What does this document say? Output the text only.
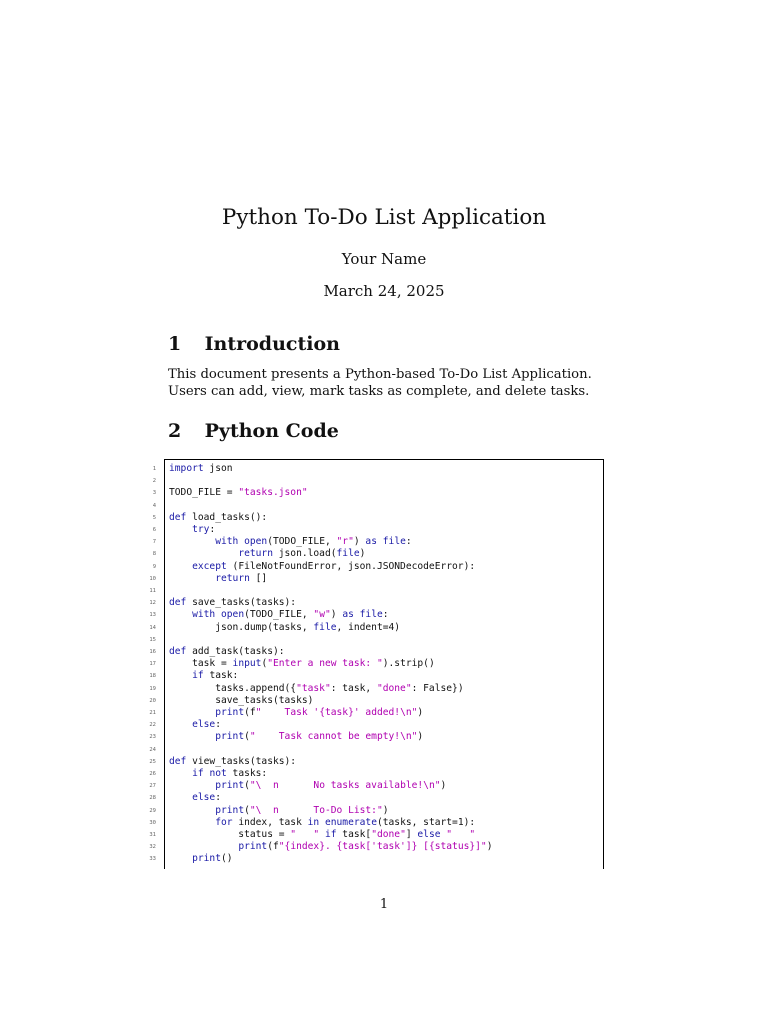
Python To-Do List Application
Your Name
March 24, 2025
1 Introduction
This document presents a Python-based To-Do List Application. Users can add, view, mark tasks as complete, and delete tasks.
2 Python Code
1
2
3
4
5
6
7
8
9
10
11
12
13
14
15
16
17
18
19
20
21
22
23
24
25
26
27
28
29
30
31
32
33
import json
TODO_FILE = "tasks.json"
def load_tasks():
try:
with open(TODO_FILE, "r") as file:
return json.load(file)
except (FileNotFoundError, json.JSONDecodeError):
return []
def save_tasks(tasks):
with open(TODO_FILE, "w") as file:
json.dump(tasks, file, indent=4)
def add_task(tasks):
task = input("Enter a new task: ").strip()
if task:
tasks.append({"task": task, "done": False})
save_tasks(tasks)
print(f"    Task '{task}' added!\n")
else:
print("    Task cannot be empty!\n")
def view_tasks(tasks):
if not tasks:
print("\  n      No tasks available!\n")
else:
print("\  n      To-Do List:")
for index, task in enumerate(tasks, start=1):
status = "   " if task["done"] else "   "
print(f"{index}. {task['task']} [{status}]")
print()
1
